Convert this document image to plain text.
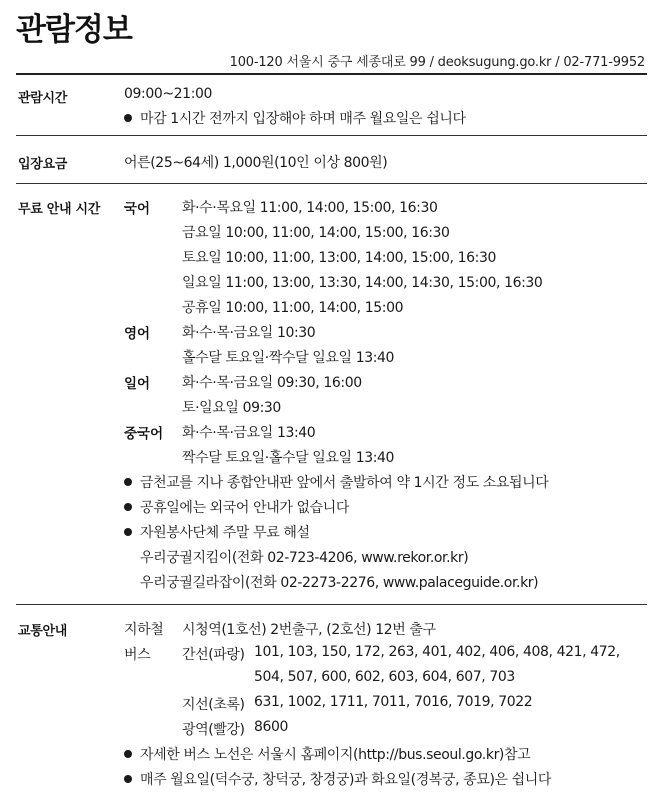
관람정보
100-120 서울시 중구 세종대로 99 / deoksugung.go.kr / 02-771-9952
관람시간	09:00~21:00
마감 1시간 전까지 입장해야 하며 매주 월요일은 쉽니다
입장요금	어른(25~64세) 1,000원(10인 이상 800원)
무료 안내 시간 국어 화·수·목요일 11:00, 14:00, 15:00, 16:30
금요일 10:00, 11:00, 14:00, 15:00, 16:30
토요일 10:00, 11:00, 13:00, 14:00, 15:00, 16:30
일요일 11:00, 13:00, 13:30, 14:00, 14:30, 15:00, 16:30
공휴일 10:00, 11:00, 14:00, 15:00
영어 화·수·목·금요일 10:30
홀수달 토요일·짝수달 일요일 13:40
일어 화·수·목·금요일 09:30, 16:00
토·일요일 09:30
중국어 화·수·목·금요일 13:40
짝수달 토요일·홀수달 일요일 13:40
금천교를 지나 종합안내판 앞에서 출발하여 약 1시간 정도 소요됩니다
공휴일에는 외국어 안내가 없습니다
자원봉사단체 주말 무료 해설
우리궁궐지킴이(전화 02-723-4206, www.rekor.or.kr)
우리궁궐길라잡이(전화 02-2273-2276, www.palaceguide.or.kr)
교통안내	지하철 시청역(1호선) 2번출구, (2호선) 12번 출구
버스 간선(파랑) 101, 103, 150, 172, 263, 401, 402, 406, 408, 421, 472,
504, 507, 600, 602, 603, 604, 607, 703
지선(초록) 631, 1002, 1711, 7011, 7016, 7019, 7022
광역(빨강) 8600
자세한 버스 노선은 서울시 홈페이지(http://bus.seoul.go.kr)참고
매주 월요일(덕수궁, 창덕궁, 창경궁)과 화요일(경복궁, 종묘)은 쉽니다
